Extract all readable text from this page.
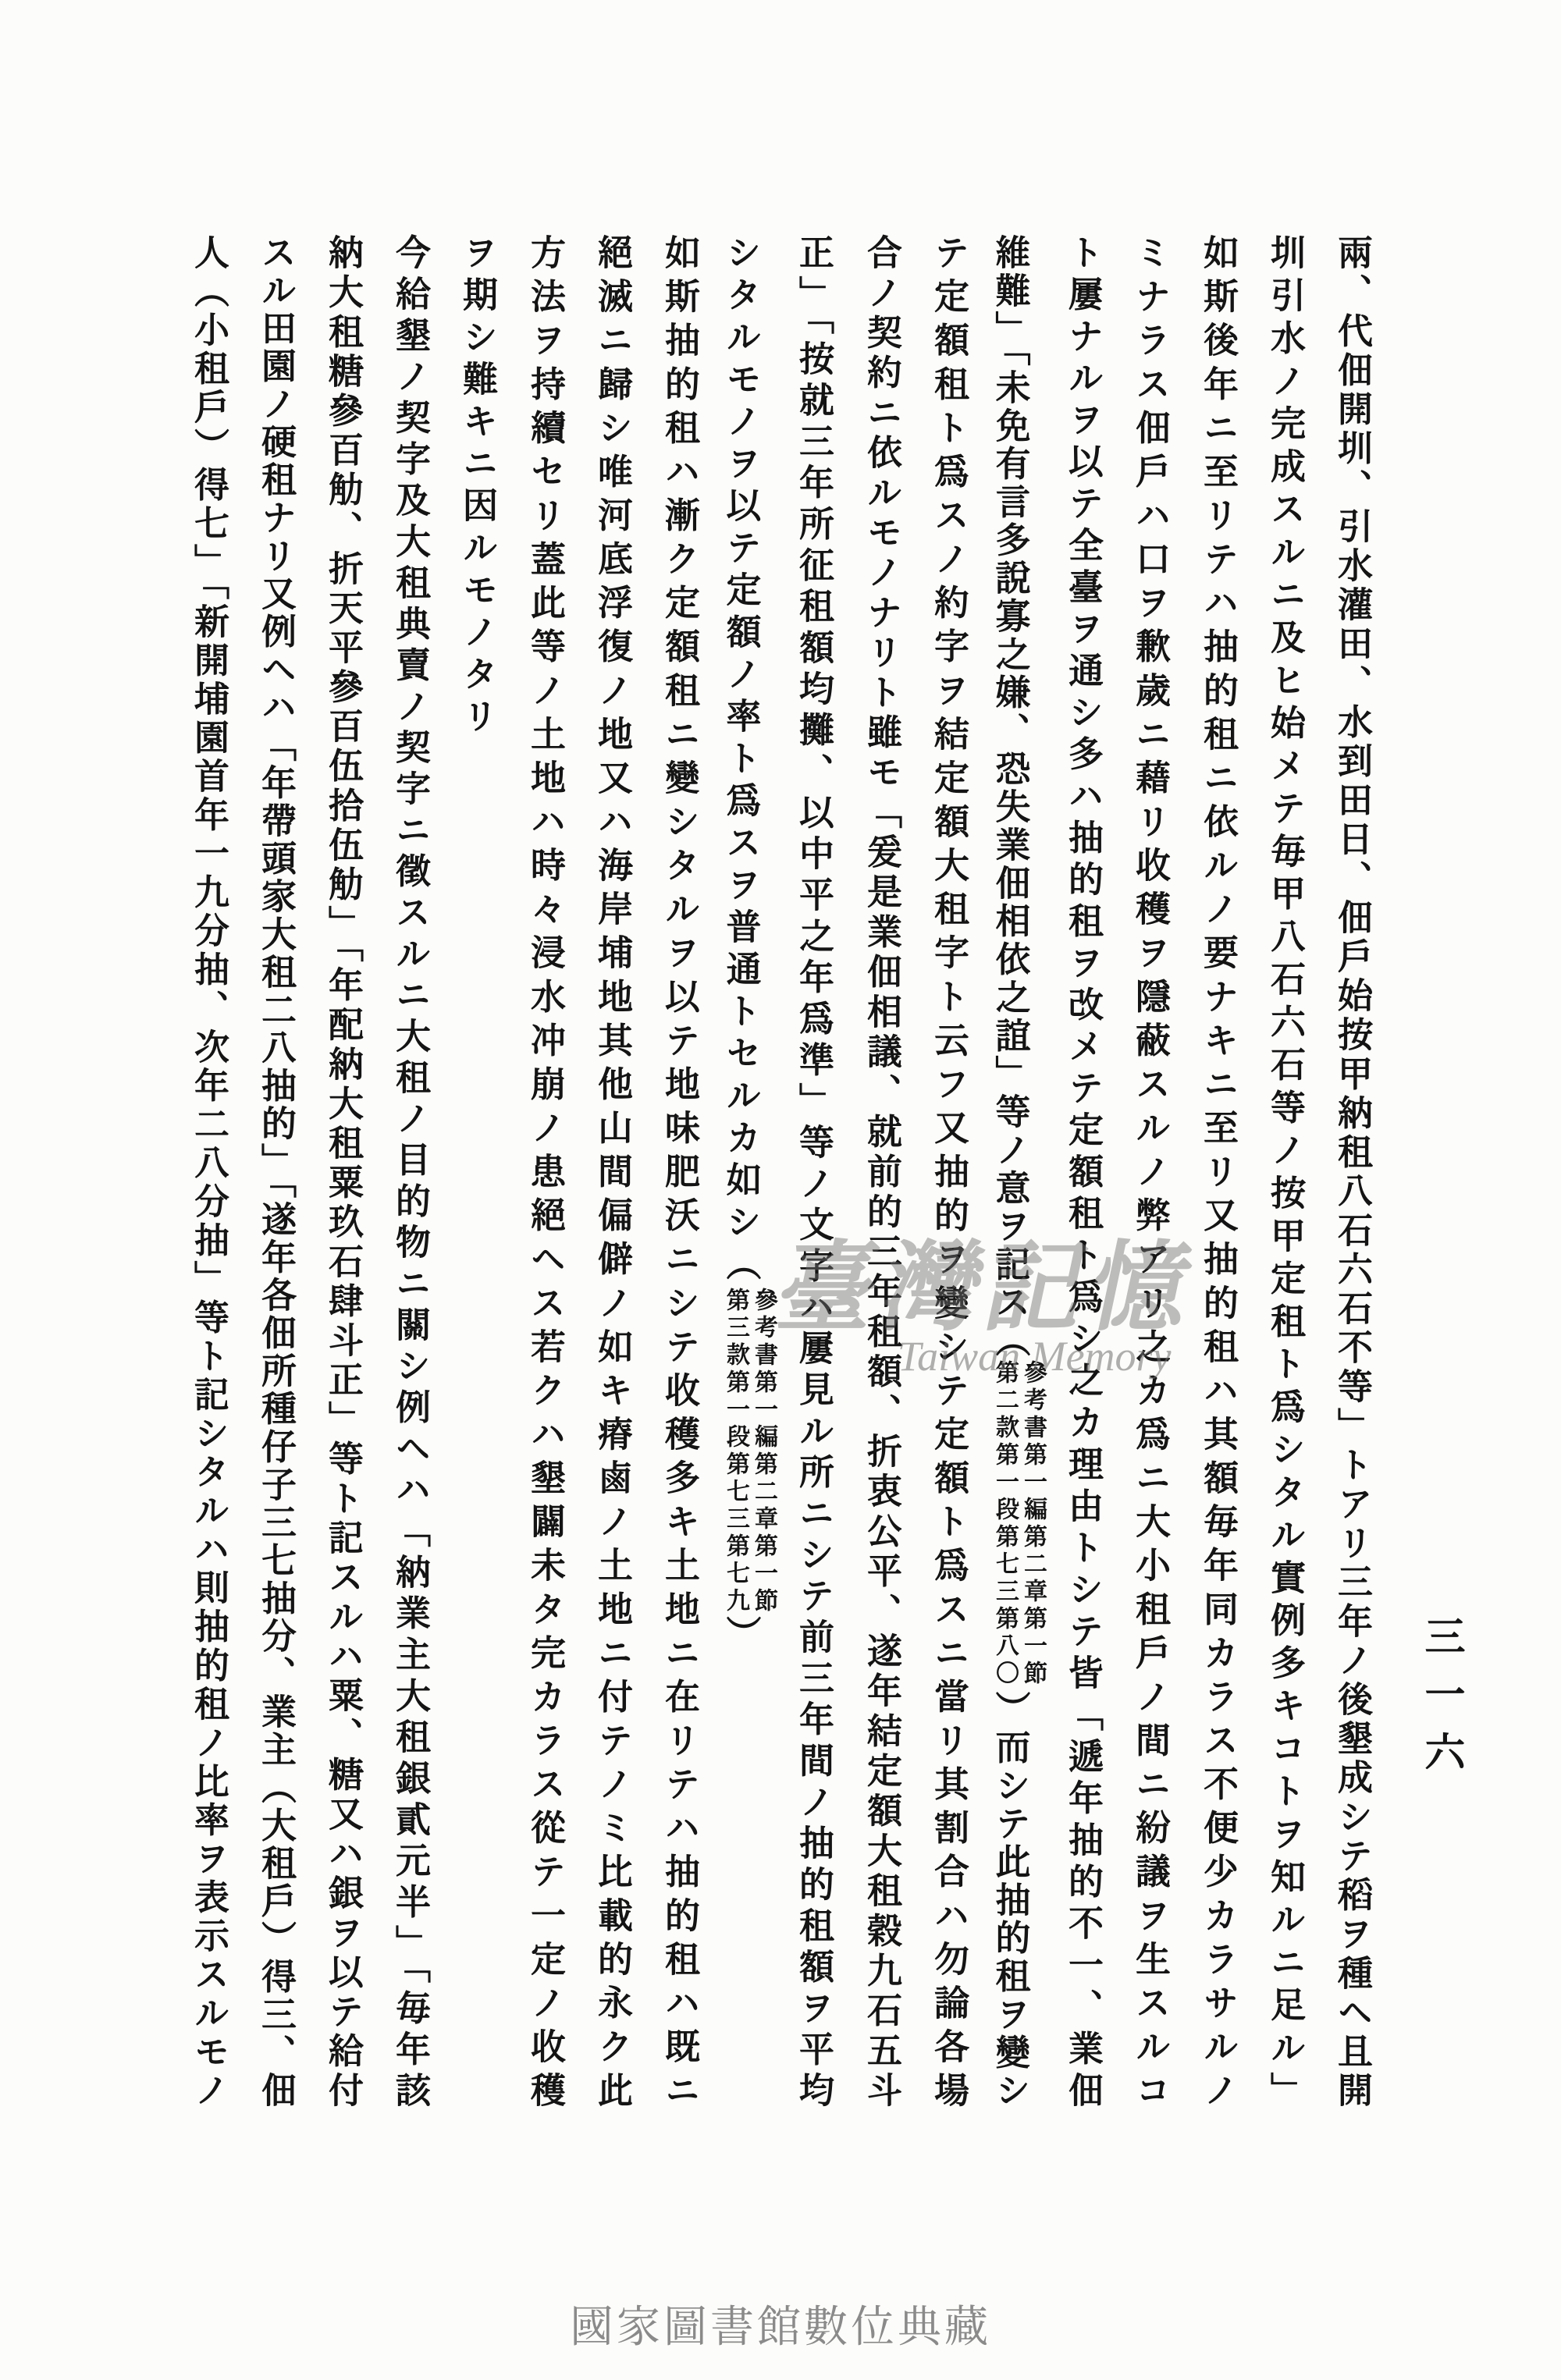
三一六
兩、代佃開圳、引水灌田、水到田日、佃戶始按甲納租八石六石不等」トアリ三年ノ後墾成シテ稻ヲ種ヘ且開
圳引水ノ完成スルニ及ヒ始メテ毎甲八石六石等ノ按甲定租ト爲シタル實例多キコトヲ知ルニ足ル」
如斯後年ニ至リテハ抽的租ニ依ルノ要ナキニ至リ又抽的租ハ其額毎年同カラス不便少カラサルノ
ミナラス佃戶ハ口ヲ歉歲ニ藉リ收穫ヲ隱蔽スルノ弊アリ之カ爲ニ大小租戶ノ間ニ紛議ヲ生スルコ
ト屢ナルヲ以テ全臺ヲ通シ多ハ抽的租ヲ改メテ定額租ト爲シ之カ理由トシテ皆「遞年抽的不一、業佃
維難」「未免有言多說寡之嫌、恐失業佃相依之誼」等ノ意ヲ記ス（
參考書第一編第二章第一節
第二款第一段第七三第八〇
）而シテ此抽的租ヲ變シ
テ定額租ト爲スノ約字ヲ結定額大租字ト云フ又抽的ヲ變シテ定額ト爲スニ當リ其割合ハ勿論各場
合ノ契約ニ依ルモノナリト雖モ「爰是業佃相議、就前的三年租額、折衷公平、遂年結定額大租穀九石五斗
正」「按就三年所征租額均攤、以中平之年爲準」等ノ文字ハ屢見ル所ニシテ前三年間ノ抽的租額ヲ平均
シタルモノヲ以テ定額ノ率ト爲スヲ普通トセルカ如シ（
參考書第一編第二章第一節
第三款第一段第七三第七九
）
如斯抽的租ハ漸ク定額租ニ變シタルヲ以テ地味肥沃ニシテ收穫多キ土地ニ在リテハ抽的租ハ既ニ
絕滅ニ歸シ唯河底浮復ノ地又ハ海岸埔地其他山間偏僻ノ如キ瘠鹵ノ土地ニ付テノミ比載的永ク此
方法ヲ持續セリ蓋此等ノ土地ハ時々浸水冲崩ノ患絕ヘス若クハ墾闢未タ完カラス從テ一定ノ收穫
ヲ期シ難キニ因ルモノタリ
今給墾ノ契字及大租典賣ノ契字ニ徵スルニ大租ノ目的物ニ關シ例ヘハ「納業主大租銀貳元半」「毎年該
納大租糖參百觔、折天平參百伍拾伍觔」「年配納大租粟玖石肆斗正」等ト記スルハ粟、糖又ハ銀ヲ以テ給付
スル田園ノ硬租ナリ又例ヘハ「年帶頭家大租二八抽的」「遂年各佃所種仔子三七抽分、業主（大租戶）得三、佃
人（小租戶）得七」「新開埔園首年一九分抽、次年二八分抽」等ト記シタルハ則抽的租ノ比率ヲ表示スルモノ	臺灣記憶
Taiwan Memory
國家圖書館數位典藏
